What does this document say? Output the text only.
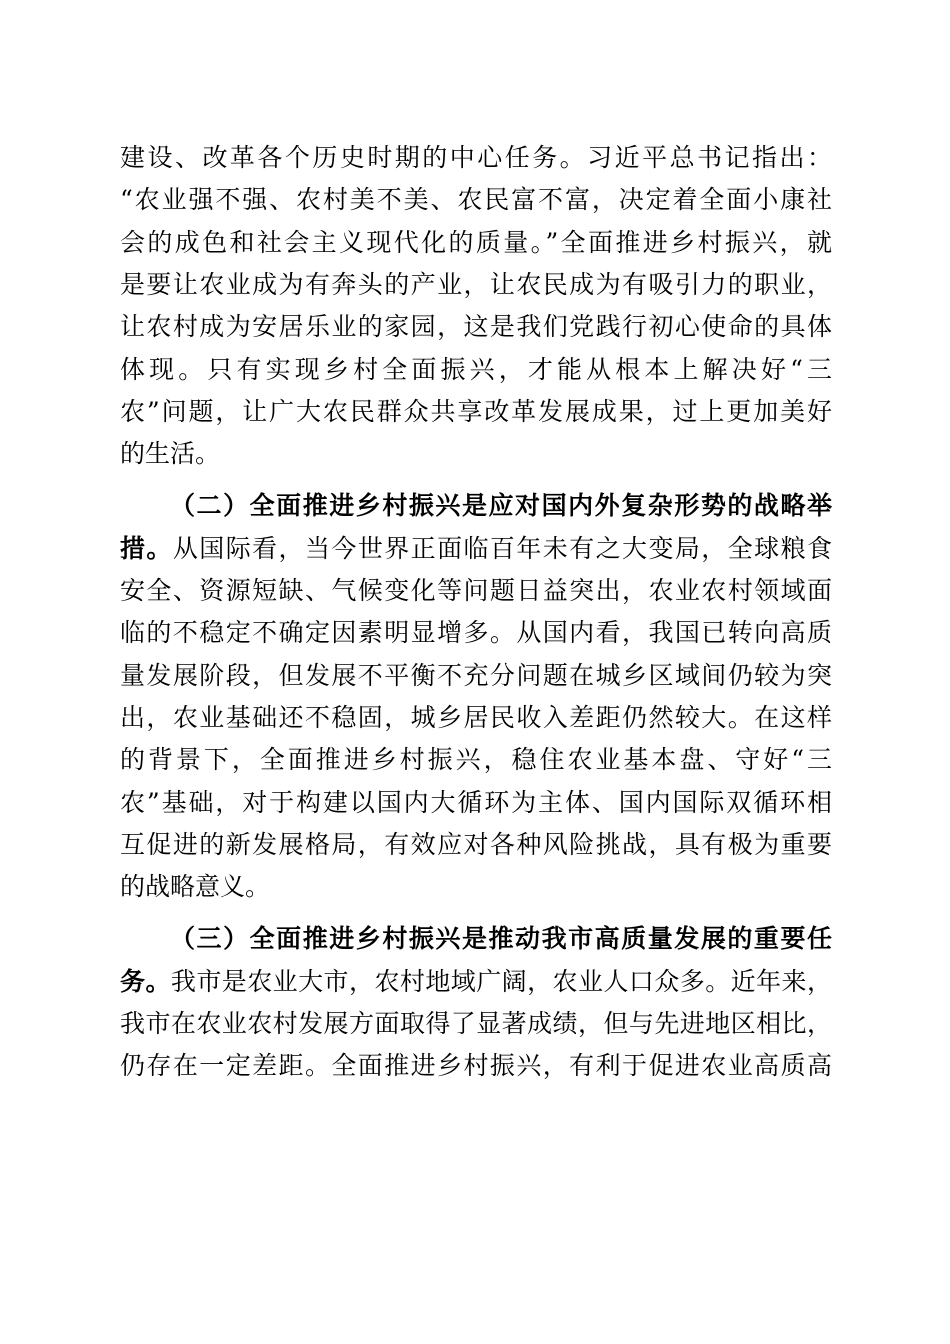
建设、改革各个历史时期的中心任务。习近平总书记指出：
“农业强不强、农村美不美、农民富不富，决定着全面小康社
会的成色和社会主义现代化的质量。”全面推进乡村振兴，就
是要让农业成为有奔头的产业，让农民成为有吸引力的职业，
让农村成为安居乐业的家园，这是我们党践行初心使命的具体
体现。只有实现乡村全面振兴，才能从根本上解决好“三
农”问题，让广大农民群众共享改革发展成果，过上更加美好
的生活。
（二）全面推进乡村振兴是应对国内外复杂形势的战略举
措。从国际看，当今世界正面临百年未有之大变局，全球粮食
安全、资源短缺、气候变化等问题日益突出，农业农村领域面
临的不稳定不确定因素明显增多。从国内看，我国已转向高质
量发展阶段，但发展不平衡不充分问题在城乡区域间仍较为突
出，农业基础还不稳固，城乡居民收入差距仍然较大。在这样
的背景下，全面推进乡村振兴，稳住农业基本盘、守好“三
农”基础，对于构建以国内大循环为主体、国内国际双循环相
互促进的新发展格局，有效应对各种风险挑战，具有极为重要
的战略意义。
（三）全面推进乡村振兴是推动我市高质量发展的重要任
务。我市是农业大市，农村地域广阔，农业人口众多。近年来，
我市在农业农村发展方面取得了显著成绩，但与先进地区相比，
仍存在一定差距。全面推进乡村振兴，有利于促进农业高质高
